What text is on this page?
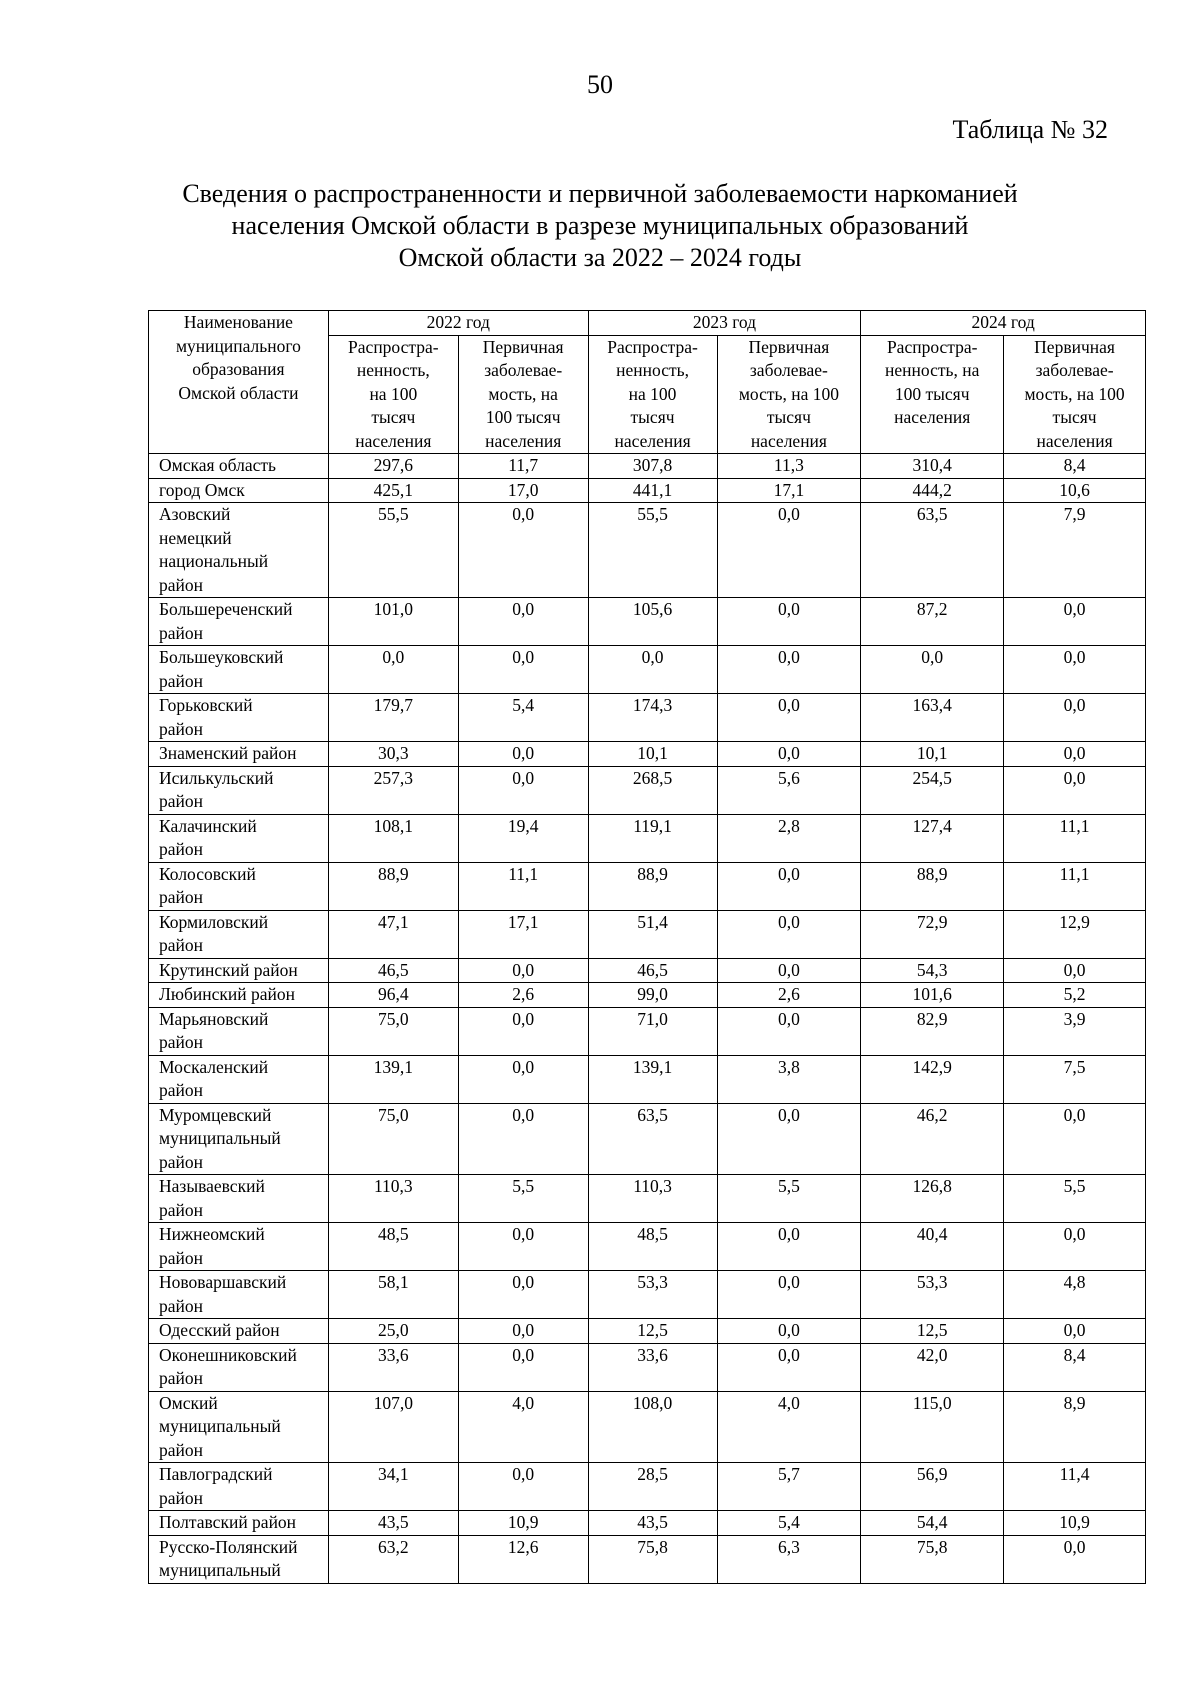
50
Таблица № 32
Сведения о распространенности и первичной заболеваемости наркоманией
населения Омской области в разрезе муниципальных образований
Омской области за 2022 – 2024 годы
Наименование
муниципального
образования
Омской области	2022 год		2023 год		2024 год	
	Распростра-
ненность,
на 100
тысяч
населения	Первичная
заболевае-
мость, на
100 тысяч
населения	Распростра-
ненность,
на 100
тысяч
населения	Первичная
заболевае-
мость, на 100
тысяч
населения	Распростра-
ненность, на
100 тысяч
населения	Первичная
заболевае-
мость, на 100
тысяч
населения
Омская область	297,6	11,7	307,8	11,3	310,4	8,4
город Омск	425,1	17,0	441,1	17,1	444,2	10,6
Азовский
немецкий
национальный
район	55,5	0,0	55,5	0,0	63,5	7,9
Большереченский
район	101,0	0,0	105,6	0,0	87,2	0,0
Большеуковский
район	0,0	0,0	0,0	0,0	0,0	0,0
Горьковский
район	179,7	5,4	174,3	0,0	163,4	0,0
Знаменский район	30,3	0,0	10,1	0,0	10,1	0,0
Исилькульский
район	257,3	0,0	268,5	5,6	254,5	0,0
Калачинский
район	108,1	19,4	119,1	2,8	127,4	11,1
Колосовский
район	88,9	11,1	88,9	0,0	88,9	11,1
Кормиловский
район	47,1	17,1	51,4	0,0	72,9	12,9
Крутинский район	46,5	0,0	46,5	0,0	54,3	0,0
Любинский район	96,4	2,6	99,0	2,6	101,6	5,2
Марьяновский
район	75,0	0,0	71,0	0,0	82,9	3,9
Москаленский
район	139,1	0,0	139,1	3,8	142,9	7,5
Муромцевский
муниципальный
район	75,0	0,0	63,5	0,0	46,2	0,0
Называевский
район	110,3	5,5	110,3	5,5	126,8	5,5
Нижнеомский
район	48,5	0,0	48,5	0,0	40,4	0,0
Нововаршавский
район	58,1	0,0	53,3	0,0	53,3	4,8
Одесский район	25,0	0,0	12,5	0,0	12,5	0,0
Оконешниковский
район	33,6	0,0	33,6	0,0	42,0	8,4
Омский
муниципальный
район	107,0	4,0	108,0	4,0	115,0	8,9
Павлоградский
район	34,1	0,0	28,5	5,7	56,9	11,4
Полтавский район	43,5	10,9	43,5	5,4	54,4	10,9
Русско-Полянский
муниципальный	63,2	12,6	75,8	6,3	75,8	0,0
